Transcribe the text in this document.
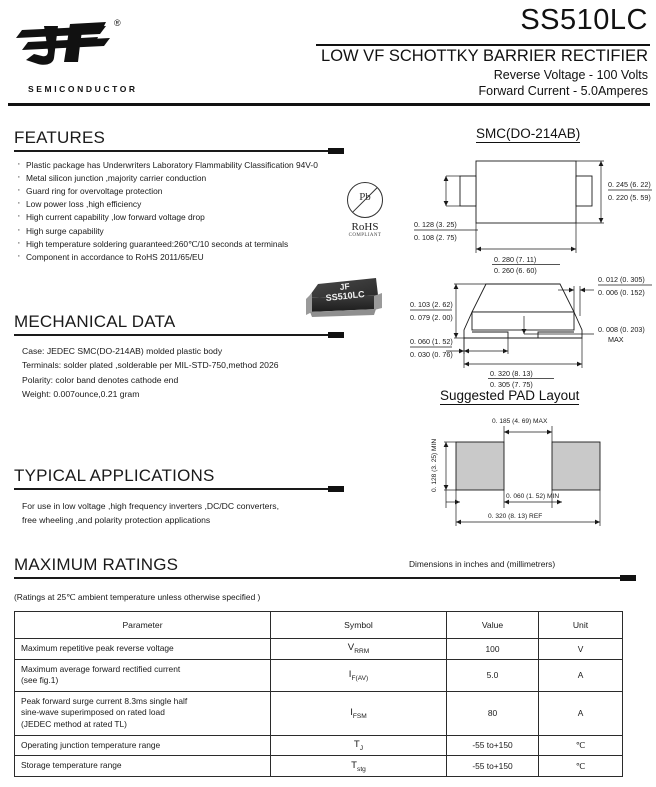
®
SEMICONDUCTOR
SS510LC
LOW VF SCHOTTKY BARRIER RECTIFIER
Reverse Voltage - 100 Volts
Forward Current - 5.0Amperes
FEATURES
· Plastic package has Underwriters Laboratory Flammability Classification 94V-0
· Metal silicon junction ,majority carrier conduction
· Guard ring for overvoltage protection
· Low power loss ,high efficiency
· High current capability ,low forward voltage drop
· High surge capability
· High temperature soldering guaranteed:260℃/10 seconds at terminals
· Component in accordance to RoHS 2011/65/EU
Pb
RoHS
COMPLIANT
JF
SS510LC
MECHANICAL DATA
Case: JEDEC SMC(DO-214AB) molded plastic body
Terminals: solder plated ,solderable per MIL-STD-750,method 2026
Polarity: color band denotes cathode end
Weight: 0.007ounce,0.21 gram
TYPICAL APPLICATIONS
For use in low voltage ,high frequency inverters ,DC/DC converters,
free wheeling ,and polarity protection applications
SMC(DO-214AB)
0. 128 (3. 25)
0. 108 (2. 75)
0. 245 (6. 22)
0. 220 (5. 59)
0. 280 (7. 11)
0. 260 (6. 60)
0. 103 (2. 62)
0. 079 (2. 00)
0. 060 (1. 52)
0. 030 (0. 76)
0. 320 (8. 13)
0. 305 (7. 75)
0. 012 (0. 305)
0. 006 (0. 152)
0. 008 (0. 203)
MAX
Suggested PAD Layout
0. 185 (4. 69) MAX
0. 128 (3. 25) MIN
0. 060 (1. 52) MIN
0. 320 (8. 13) REF
MAXIMUM RATINGS	Dimensions in inches and (millimetrers)
(Ratings at 25℃ ambient temperature unless otherwise specified )
Parameter	Symbol	Value	Unit
Maximum repetitive peak reverse voltage	$V_{RRM}$	100	V
Maximum average forward rectified current
(see fig.1)	$I_{F(AV)}$	5.0	A
Peak forward surge current 8.3ms single half
sine-wave superimposed on rated load
(JEDEC method at rated TL)	$I_{FSM}$	80	A
Operating junction temperature range	$T_J$	-55 to+150	℃
Storage temperature range	$T_{stg}$	-55 to+150	℃
